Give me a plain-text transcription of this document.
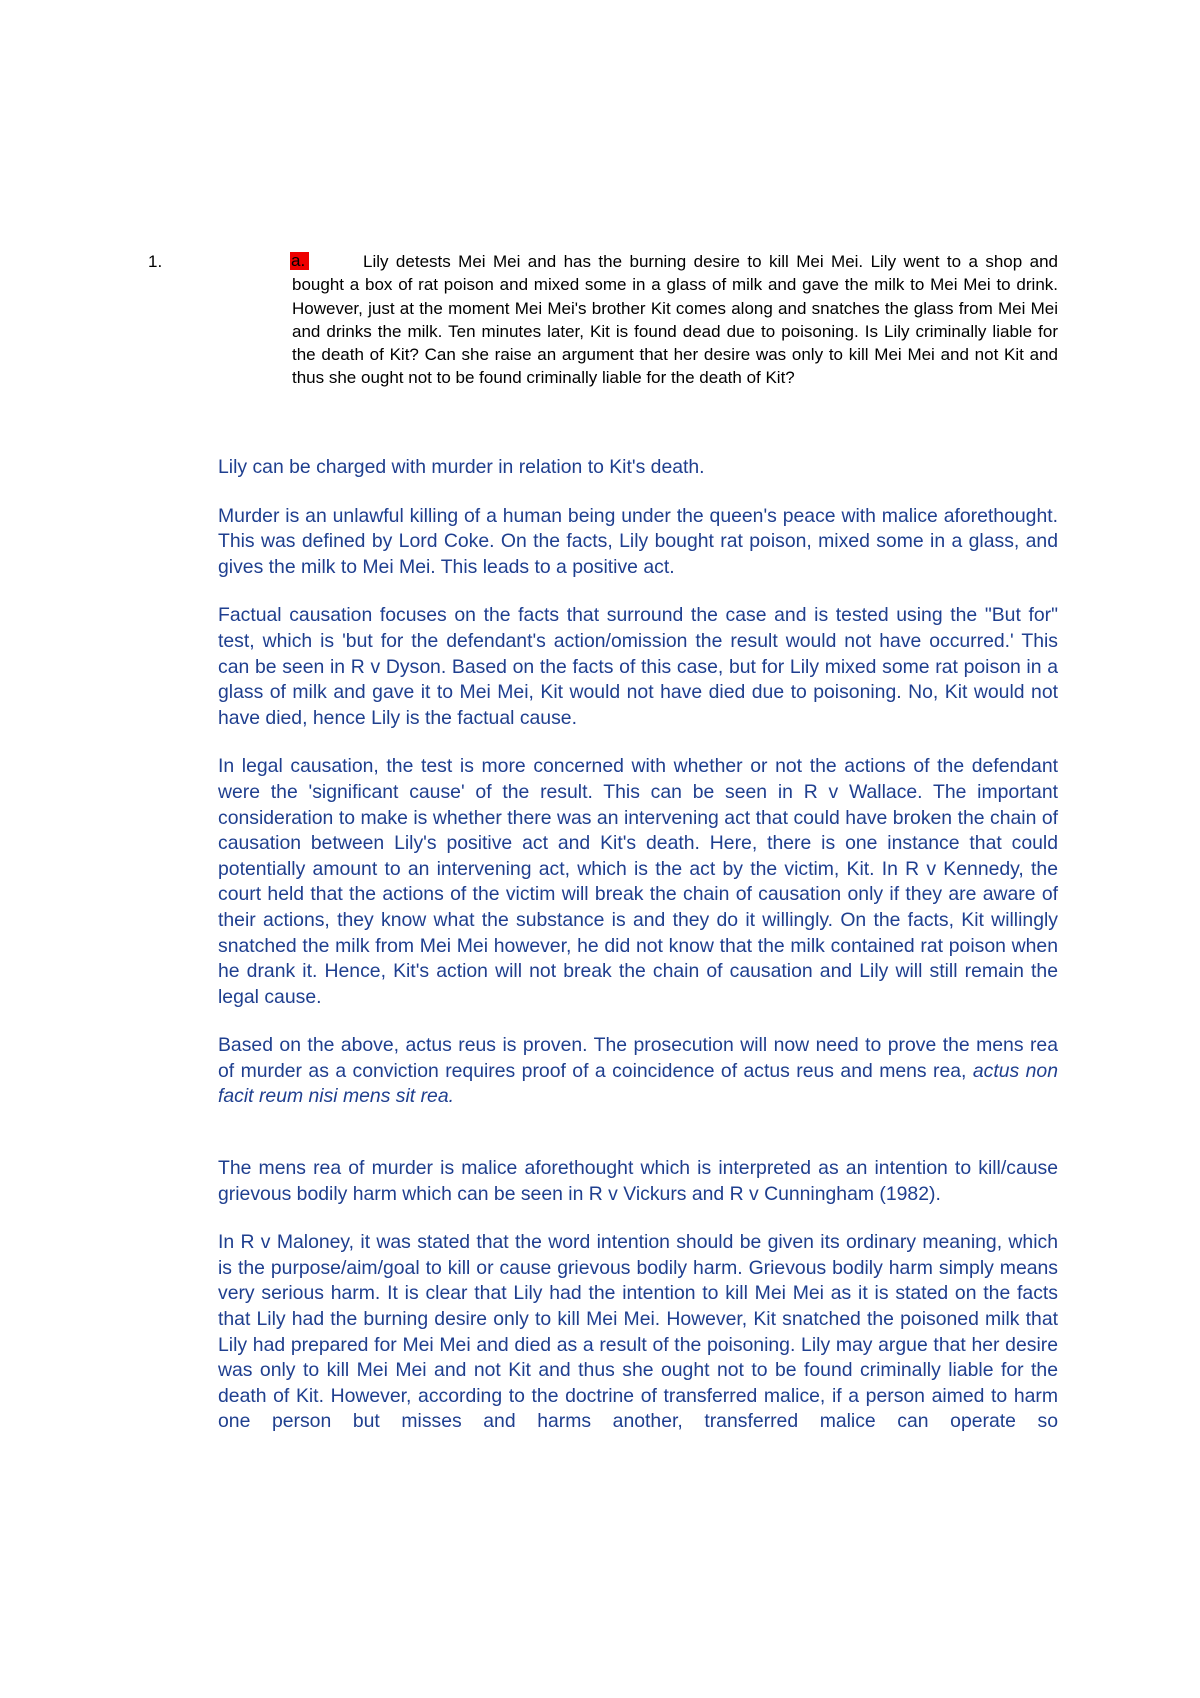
1.	a.	Lily detests Mei Mei and has the burning desire to kill Mei Mei. Lily went to a shop and bought a box of rat poison and mixed some in a glass of milk and gave the milk to Mei Mei to drink. However, just at the moment Mei Mei's brother Kit comes along and snatches the glass from Mei Mei and drinks the milk. Ten minutes later, Kit is found dead due to poisoning. Is Lily criminally liable for the death of Kit? Can she raise an argument that her desire was only to kill Mei Mei and not Kit and thus she ought not to be found criminally liable for the death of Kit?

Lily can be charged with murder in relation to Kit's death.

Murder is an unlawful killing of a human being under the queen's peace with malice aforethought. This was defined by Lord Coke. On the facts, Lily bought rat poison, mixed some in a glass, and gives the milk to Mei Mei. This leads to a positive act.

Factual causation focuses on the facts that surround the case and is tested using the "But for" test, which is 'but for the defendant's action/omission the result would not have occurred.' This can be seen in R v Dyson. Based on the facts of this case, but for Lily mixed some rat poison in a glass of milk and gave it to Mei Mei, Kit would not have died due to poisoning. No, Kit would not have died, hence Lily is the factual cause.

In legal causation, the test is more concerned with whether or not the actions of the defendant were the 'significant cause' of the result. This can be seen in R v Wallace. The important consideration to make is whether there was an intervening act that could have broken the chain of causation between Lily's positive act and Kit's death. Here, there is one instance that could potentially amount to an intervening act, which is the act by the victim, Kit. In R v Kennedy, the court held that the actions of the victim will break the chain of causation only if they are aware of their actions, they know what the substance is and they do it willingly. On the facts, Kit willingly snatched the milk from Mei Mei however, he did not know that the milk contained rat poison when he drank it. Hence, Kit's action will not break the chain of causation and Lily will still remain the legal cause.

Based on the above, actus reus is proven. The prosecution will now need to prove the mens rea of murder as a conviction requires proof of a coincidence of actus reus and mens rea, actus non facit reum nisi mens sit rea.

The mens rea of murder is malice aforethought which is interpreted as an intention to kill/cause grievous bodily harm which can be seen in R v Vickurs and R v Cunningham (1982).

In R v Maloney, it was stated that the word intention should be given its ordinary meaning, which is the purpose/aim/goal to kill or cause grievous bodily harm. Grievous bodily harm simply means very serious harm. It is clear that Lily had the intention to kill Mei Mei as it is stated on the facts that Lily had the burning desire only to kill Mei Mei. However, Kit snatched the poisoned milk that Lily had prepared for Mei Mei and died as a result of the poisoning. Lily may argue that her desire was only to kill Mei Mei and not Kit and thus she ought not to be found criminally liable for the death of Kit. However, according to the doctrine of transferred malice, if a person aimed to harm one person but misses and harms another, transferred malice can operate so
